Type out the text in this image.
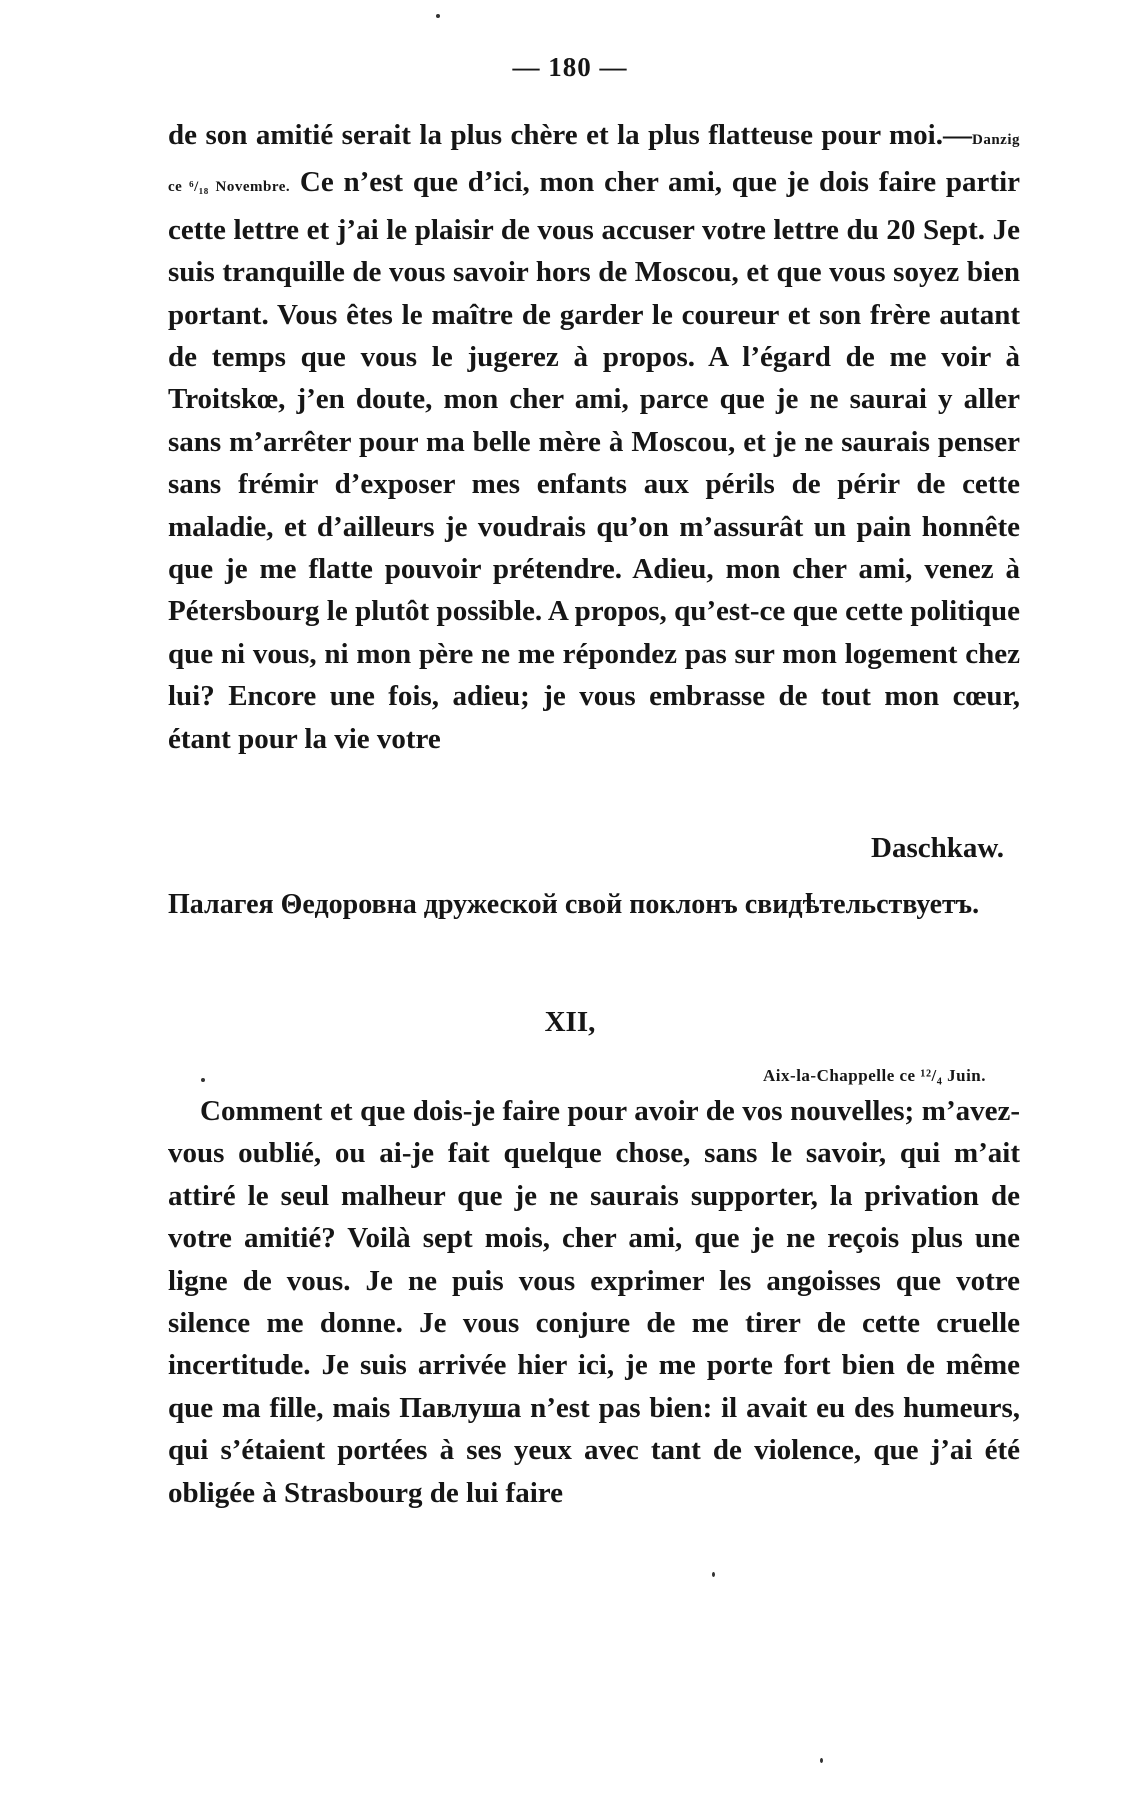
— 180 —

de son amitié serait la plus chère et la plus flatteuse pour moi.—Danzig ce ⁶/₁₈ Novembre. Ce n’est que d’ici, mon cher ami, que je dois faire partir cette lettre et j’ai le plaisir de vous accuser votre lettre du 20 Sept. Je suis tranquille de vous savoir hors de Moscou, et que vous soyez bien portant. Vous êtes le maître de garder le coureur et son frère autant de temps que vous le jugerez à propos. A l’égard de me voir à Troitskœ, j’en doute, mon cher ami, parce que je ne saurai y aller sans m’arrêter pour ma belle mère à Moscou, et je ne saurais penser sans frémir d’exposer mes enfants aux périls de périr de cette maladie, et d’ailleurs je voudrais qu’on m’assurât un pain honnête que je me flatte pouvoir prétendre. Adieu, mon cher ami, venez à Pétersbourg le plutôt possible. A propos, qu’est-ce que cette politique que ni vous, ni mon père ne me répondez pas sur mon logement chez lui? Encore une fois, adieu; je vous embrasse de tout mon cœur, étant pour la vie votre

Daschkaw.

Палагея Θедоровна дружеской свой поклонъ свидѣтельствуетъ.

XII,
Aix-la-Chappelle ce ¹²/₄ Juin.

Comment et que dois-je faire pour avoir de vos nouvelles; m’avez-vous oublié, ou ai-je fait quelque chose, sans le savoir, qui m’ait attiré le seul malheur que je ne saurais supporter, la privation de votre amitié? Voilà sept mois, cher ami, que je ne reçois plus une ligne de vous. Je ne puis vous exprimer les angoisses que votre silence me donne. Je vous conjure de me tirer de cette cruelle incertitude. Je suis arrivée hier ici, je me porte fort bien de même que ma fille, mais Павлуша n’est pas bien: il avait eu des humeurs, qui s’étaient portées à ses yeux avec tant de violence, que j’ai été obligée à Strasbourg de lui faire
